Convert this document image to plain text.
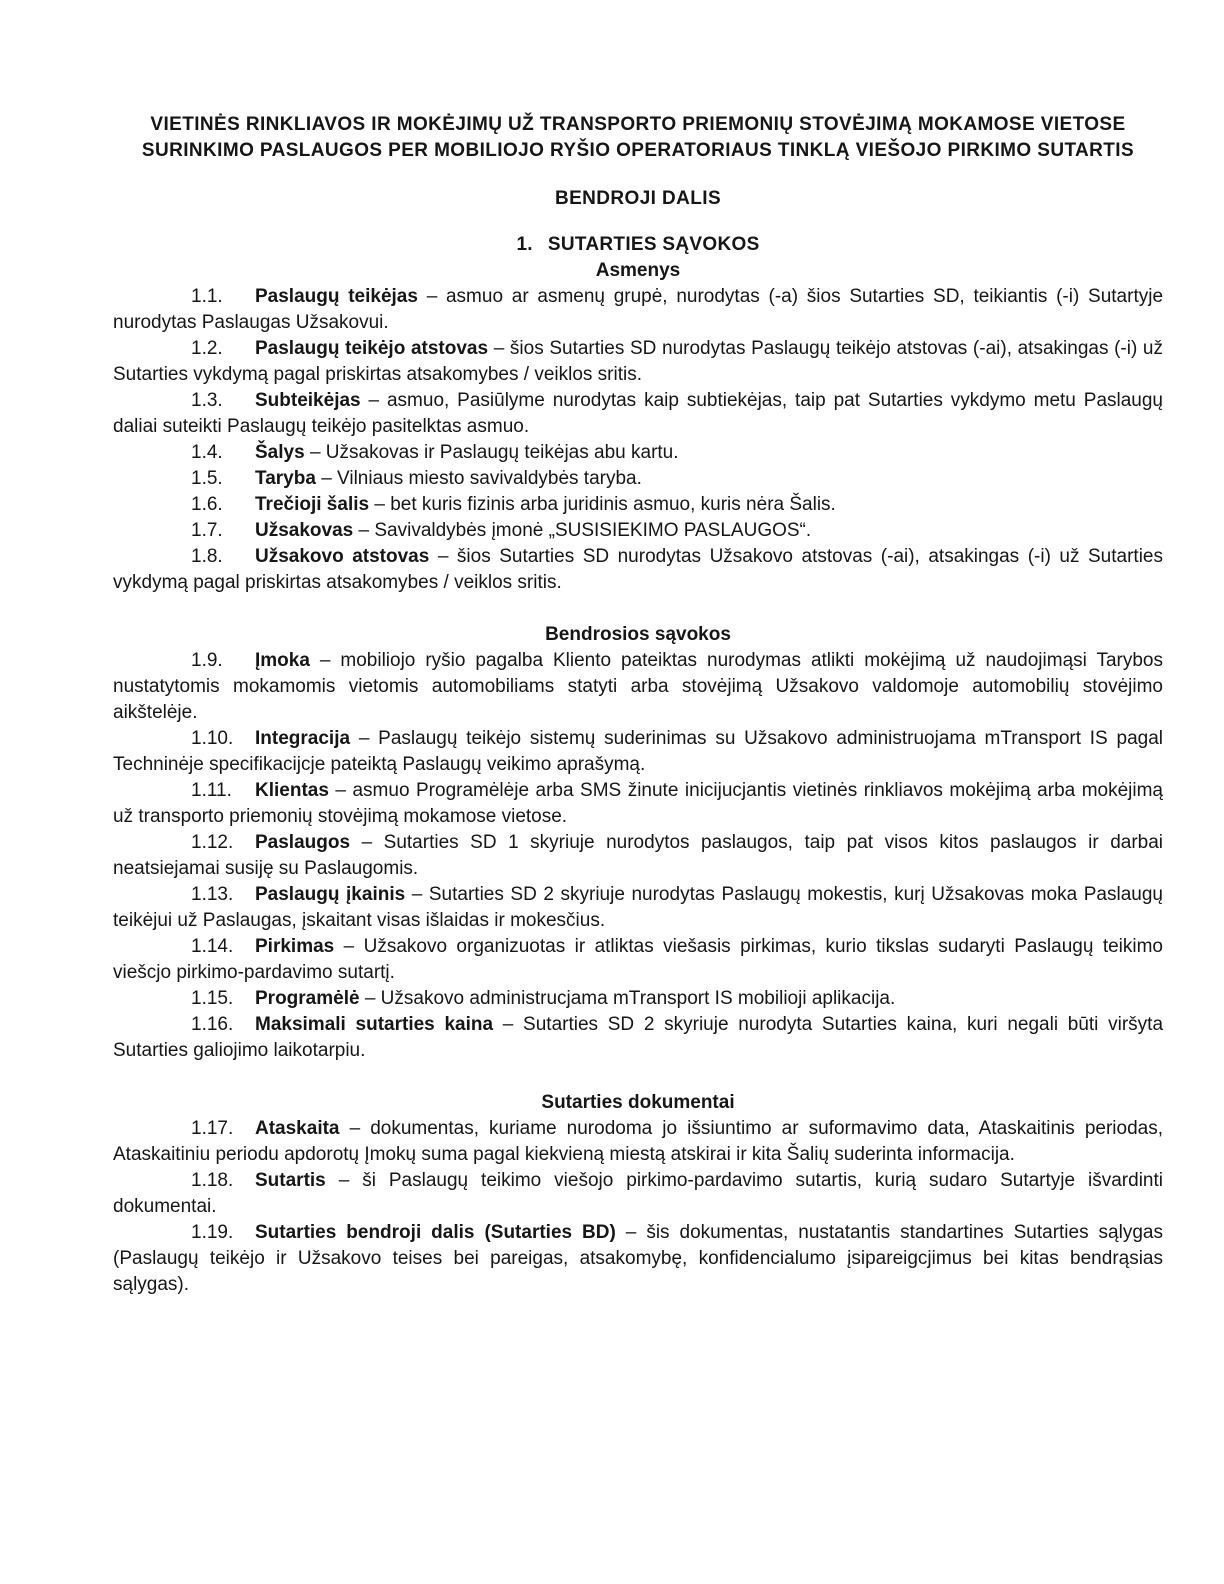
VIETINĖS RINKLIAVOS IR MOKĖJIMŲ UŽ TRANSPORTO PRIEMONIŲ STOVĖJIMĄ MOKAMOSE VIETOSE SURINKIMO PASLAUGOS PER MOBILIOJO RYŠIO OPERATORIAUS TINKLĄ VIEŠOJO PIRKIMO SUTARTIS
BENDROJI DALIS
1. SUTARTIES SĄVOKOS
Asmenys

1.1. Paslaugų teikėjas – asmuo ar asmenų grupė, nurodytas (-a) šios Sutarties SD, teikiantis (-i) Sutartyje nurodytas Paslaugas Užsakovui.

1.2. Paslaugų teikėjo atstovas – šios Sutarties SD nurodytas Paslaugų teikėjo atstovas (-ai), atsakingas (-i) už Sutarties vykdymą pagal priskirtas atsakomybes / veiklos sritis.

1.3. Subteikėjas – asmuo, Pasiūlyme nurodytas kaip subtiekėjas, taip pat Sutarties vykdymo metu Paslaugų daliai suteikti Paslaugų teikėjo pasitelktas asmuo.

1.4. Šalys – Užsakovas ir Paslaugų teikėjas abu kartu.

1.5. Taryba – Vilniaus miesto savivaldybės taryba.

1.6. Trečioji šalis – bet kuris fizinis arba juridinis asmuo, kuris nėra Šalis.

1.7. Užsakovas – Savivaldybės įmonė „SUSISIEKIMO PASLAUGOS“.

1.8. Užsakovo atstovas – šios Sutarties SD nurodytas Užsakovo atstovas (-ai), atsakingas (-i) už Sutarties vykdymą pagal priskirtas atsakomybes / veiklos sritis.

Bendrosios sąvokos

1.9. Įmoka – mobiliojo ryšio pagalba Kliento pateiktas nurodymas atlikti mokėjimą už naudojimąsi Tarybos nustatytomis mokamomis vietomis automobiliams statyti arba stovėjimą Užsakovo valdomoje automobilių stovėjimo aikštelėje.

1.10. Integracija – Paslaugų teikėjo sistemų suderinimas su Užsakovo administruojama mTransport IS pagal Techninėje specifikacijcje pateiktą Paslaugų veikimo aprašymą.

1.11. Klientas – asmuo Programėlėje arba SMS žinute inicijucjantis vietinės rinkliavos mokėjimą arba mokėjimą už transporto priemonių stovėjimą mokamose vietose.

1.12. Paslaugos – Sutarties SD 1 skyriuje nurodytos paslaugos, taip pat visos kitos paslaugos ir darbai neatsiejamai susiję su Paslaugomis.

1.13. Paslaugų įkainis – Sutarties SD 2 skyriuje nurodytas Paslaugų mokestis, kurį Užsakovas moka Paslaugų teikėjui už Paslaugas, įskaitant visas išlaidas ir mokesčius.

1.14. Pirkimas – Užsakovo organizuotas ir atliktas viešasis pirkimas, kurio tikslas sudaryti Paslaugų teikimo viešcjo pirkimo-pardavimo sutartį.

1.15. Programėlė – Užsakovo administrucjama mTransport IS mobilioji aplikacija.

1.16. Maksimali sutarties kaina – Sutarties SD 2 skyriuje nurodyta Sutarties kaina, kuri negali būti viršyta Sutarties galiojimo laikotarpiu.

Sutarties dokumentai

1.17. Ataskaita – dokumentas, kuriame nurodoma jo išsiuntimo ar suformavimo data, Ataskaitinis periodas, Ataskaitiniu periodu apdorotų Įmokų suma pagal kiekvieną miestą atskirai ir kita Šalių suderinta informacija.

1.18. Sutartis – ši Paslaugų teikimo viešojo pirkimo-pardavimo sutartis, kurią sudaro Sutartyje išvardinti dokumentai.

1.19. Sutarties bendroji dalis (Sutarties BD) – šis dokumentas, nustatantis standartines Sutarties sąlygas (Paslaugų teikėjo ir Užsakovo teises bei pareigas, atsakomybę, konfidencialumo įsipareigcjimus bei kitas bendrąsias sąlygas).
